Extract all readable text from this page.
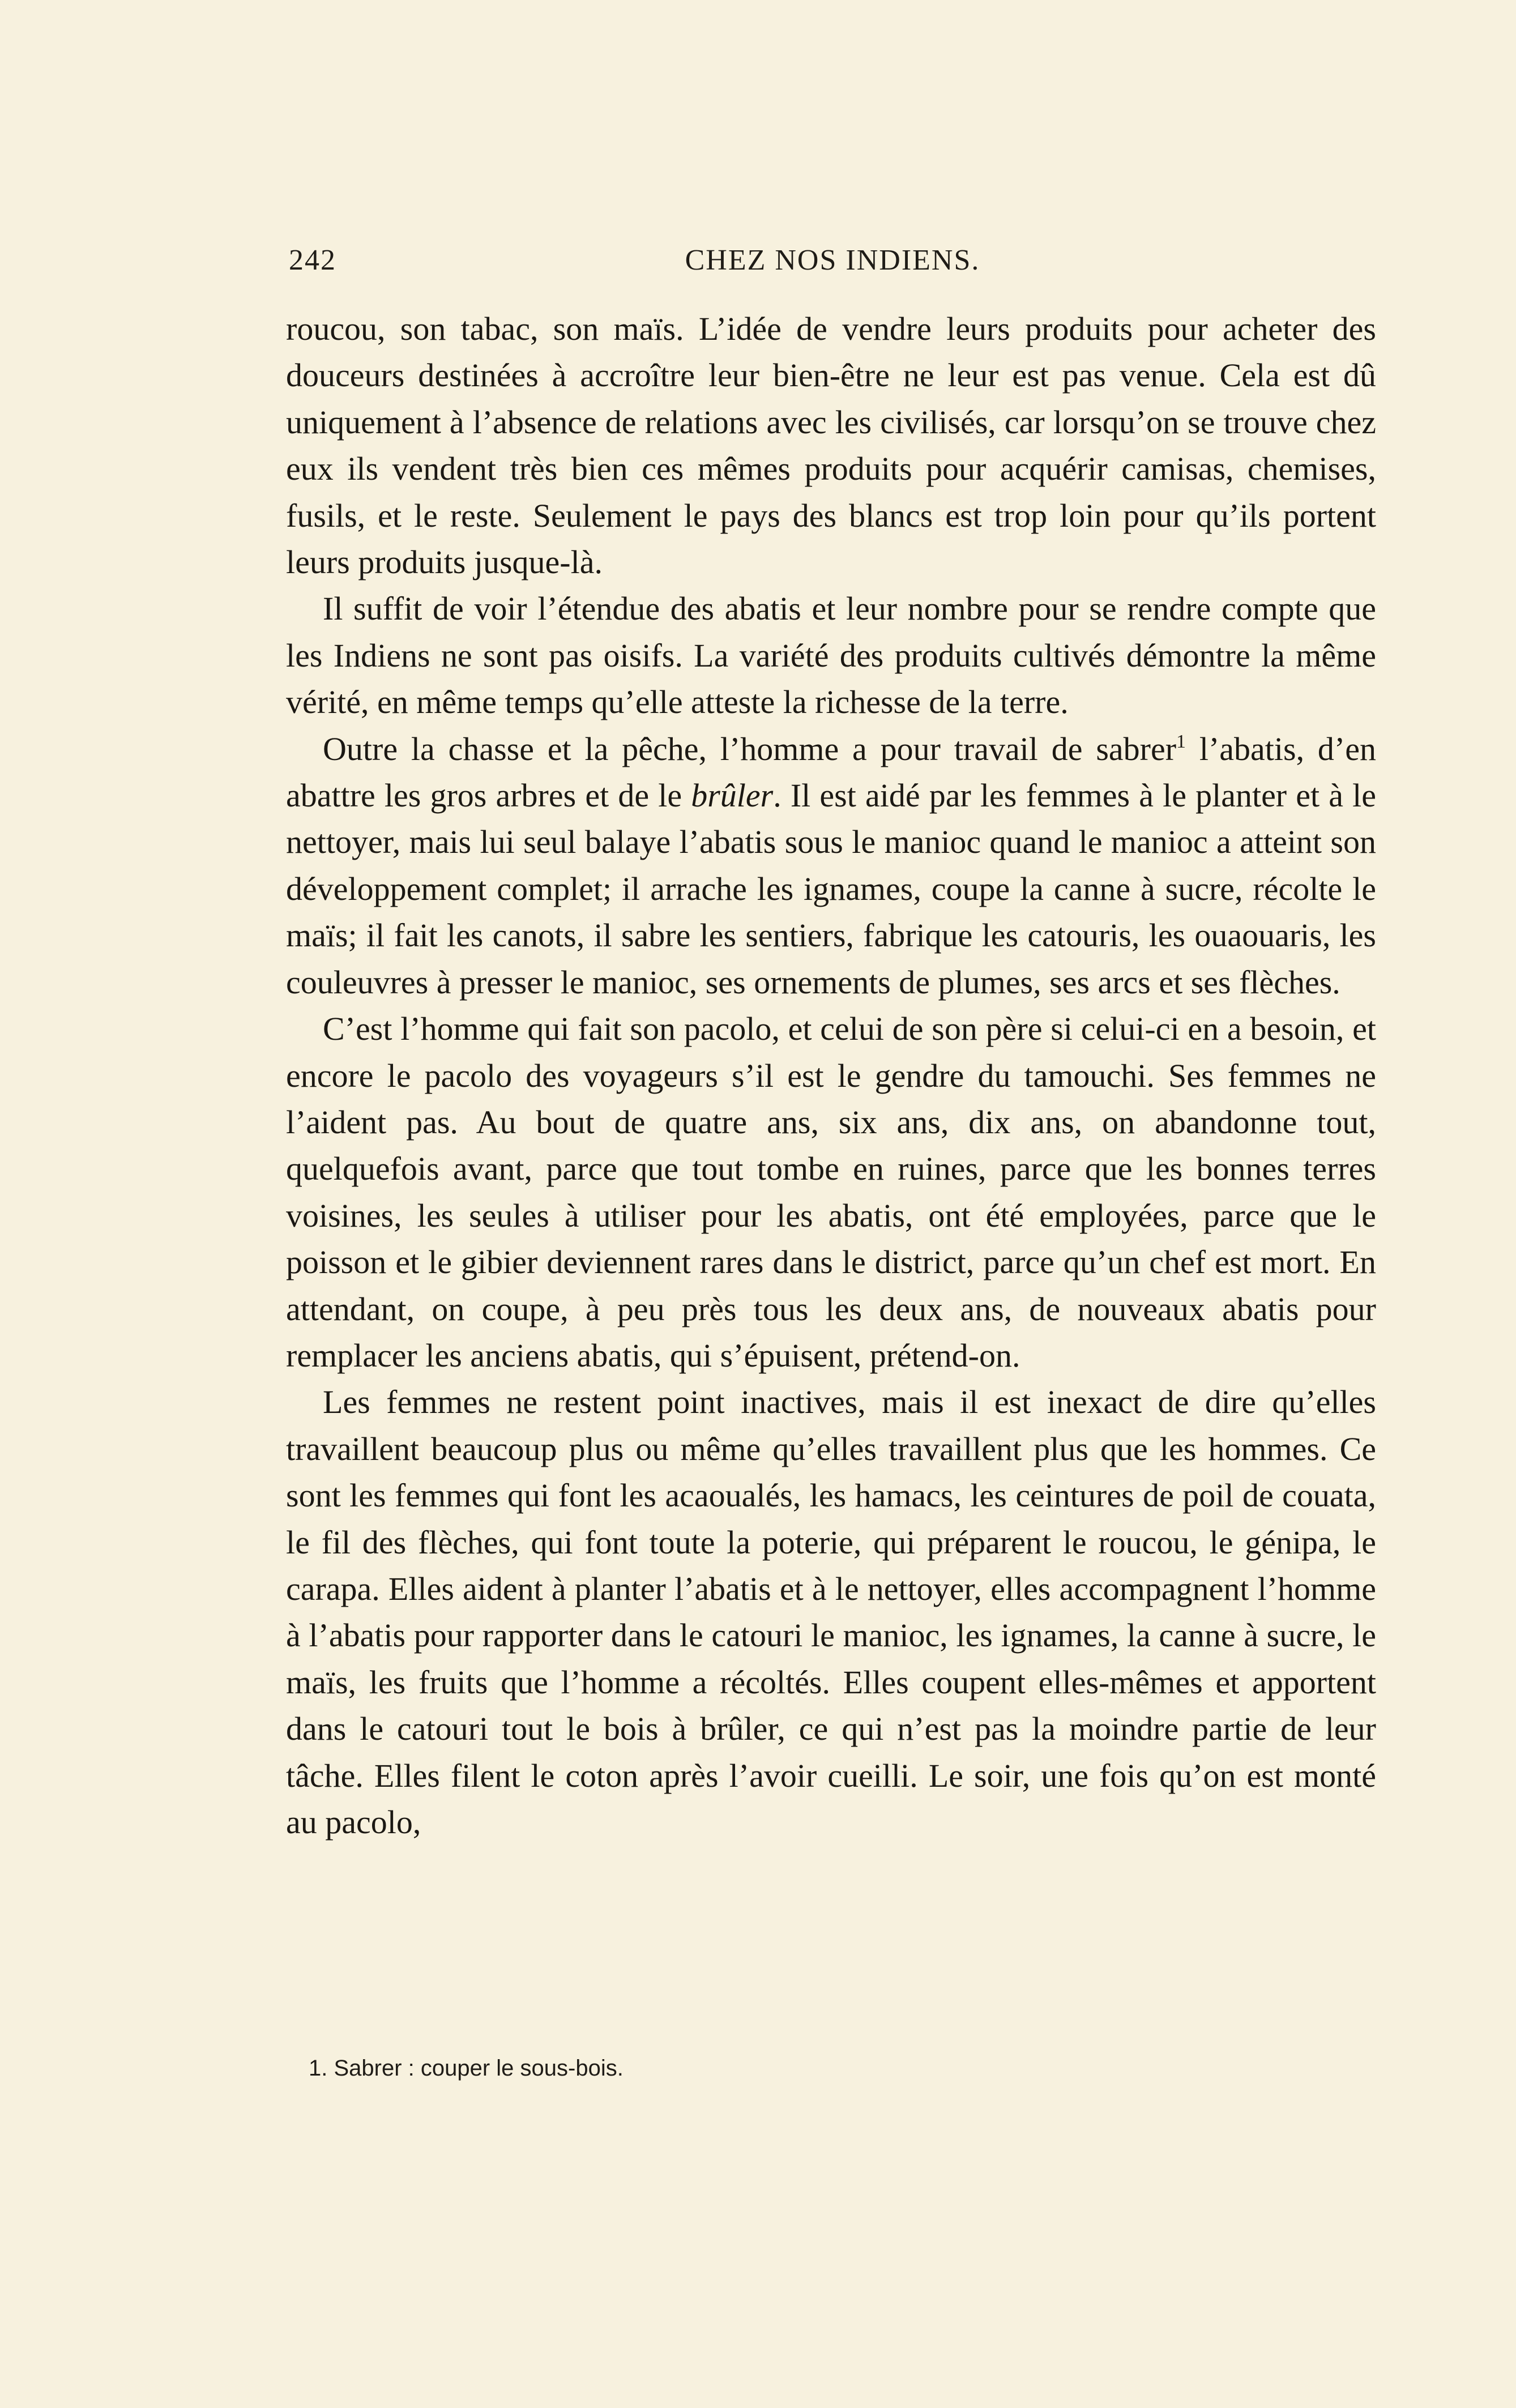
242	CHEZ NOS INDIENS.

roucou, son tabac, son maïs. L’idée de vendre leurs produits pour acheter des douceurs destinées à accroître leur bien-être ne leur est pas venue. Cela est dû uniquement à l’absence de relations avec les civilisés, car lorsqu’on se trouve chez eux ils vendent très bien ces mêmes produits pour acquérir camisas, chemises, fusils, et le reste. Seulement le pays des blancs est trop loin pour qu’ils portent leurs produits jusque-là.

Il suffit de voir l’étendue des abatis et leur nombre pour se rendre compte que les Indiens ne sont pas oisifs. La variété des produits cultivés démontre la même vérité, en même temps qu’elle atteste la richesse de la terre.

Outre la chasse et la pêche, l’homme a pour travail de sabrer$^1$ l’abatis, d’en abattre les gros arbres et de le brûler. Il est aidé par les femmes à le planter et à le nettoyer, mais lui seul balaye l’abatis sous le manioc quand le manioc a atteint son développement complet; il arrache les ignames, coupe la canne à sucre, récolte le maïs; il fait les canots, il sabre les sentiers, fabrique les catouris, les ouaouaris, les couleuvres à presser le manioc, ses ornements de plumes, ses arcs et ses flèches.

C’est l’homme qui fait son pacolo, et celui de son père si celui-ci en a besoin, et encore le pacolo des voyageurs s’il est le gendre du tamouchi. Ses femmes ne l’aident pas. Au bout de quatre ans, six ans, dix ans, on abandonne tout, quelquefois avant, parce que tout tombe en ruines, parce que les bonnes terres voisines, les seules à utiliser pour les abatis, ont été employées, parce que le poisson et le gibier deviennent rares dans le district, parce qu’un chef est mort. En attendant, on coupe, à peu près tous les deux ans, de nouveaux abatis pour remplacer les anciens abatis, qui s’épuisent, prétend-on.

Les femmes ne restent point inactives, mais il est inexact de dire qu’elles travaillent beaucoup plus ou même qu’elles travaillent plus que les hommes. Ce sont les femmes qui font les acaoualés, les hamacs, les ceintures de poil de couata, le fil des flèches, qui font toute la poterie, qui préparent le roucou, le génipa, le carapa. Elles aident à planter l’abatis et à le nettoyer, elles accompagnent l’homme à l’abatis pour rapporter dans le catouri le manioc, les ignames, la canne à sucre, le maïs, les fruits que l’homme a récoltés. Elles coupent elles-mêmes et apportent dans le catouri tout le bois à brûler, ce qui n’est pas la moindre partie de leur tâche. Elles filent le coton après l’avoir cueilli. Le soir, une fois qu’on est monté au pacolo,

1. Sabrer : couper le sous-bois.
